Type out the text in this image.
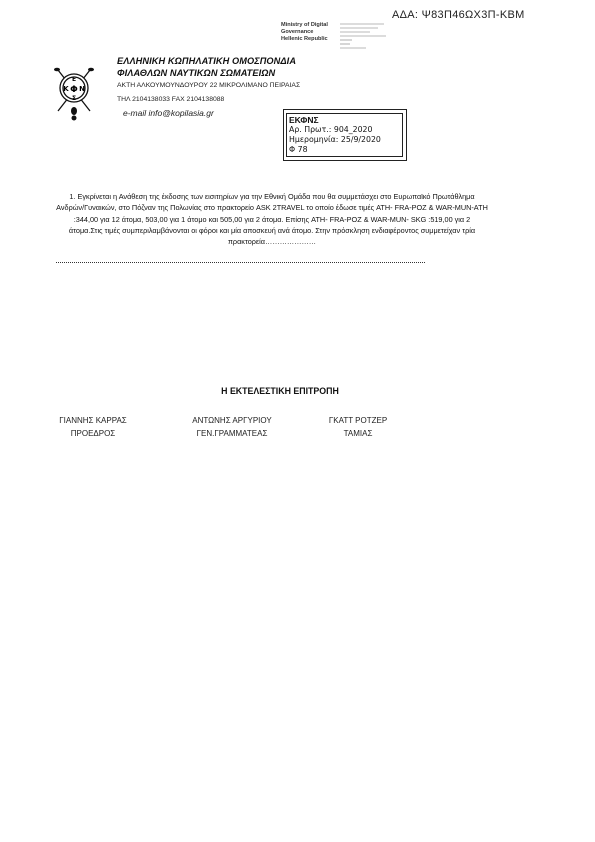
ΑΔΑ: Ψ83Π46ΩΧ3Π-ΚΒΜ
Ministry of Digital
Governance
Hellenic Republic
Ε
Κ Φ Ν
Σ
ΕΛΛΗΝΙΚΗ ΚΩΠΗΛΑΤΙΚΗ ΟΜΟΣΠΟΝΔΙΑ
ΦΙΛΑΘΛΩΝ ΝΑΥΤΙΚΩΝ ΣΩΜΑΤΕΙΩΝ
ΑΚΤΗ ΑΛΚΟΥΜΟΥΝΔΟΥΡΟΥ 22 ΜΙΚΡΟΛΙΜΑΝΟ ΠΕΙΡΑΙΑΣ
ΤΗΛ 2104138033 FAX 2104138088
e-mail info@kopilasia.gr
ΕΚΦΝΣ
Αρ. Πρωτ.: 904_2020
Ημερομηνία: 25/9/2020
Φ 78
1. Εγκρίνεται η Ανάθεση της έκδοσης των εισιτηρίων για την Εθνική Ομάδα που θα συμμετάσχει στο Ευρωπαϊκό Πρωτάθλημα Ανδρών/Γυναικών, στο Πόζναν της Πολωνίας στο πρακτορείο ASK 2TRAVEL το οποίο έδωσε τιμές ATH- FRA-POZ & WAR-MUN-ATH :344,00 για 12 άτομα, 503,00 για 1 άτομο και 505,00 για 2 άτομα. Επίσης ATH- FRA-POZ & WAR-MUN- SKG :519,00 για 2 άτομα.Στις τιμές συμπεριλαμβάνονται οι φόροι και μία αποσκευή ανά άτομο. Στην πρόσκληση ενδιαφέροντος συμμετείχαν τρία πρακτορεία…………………
Η ΕΚΤΕΛΕΣΤΙΚΗ ΕΠΙΤΡΟΠΗ
ΓΙΑΝΝΗΣ ΚΑΡΡΑΣ
ΠΡΟΕΔΡΟΣ
ΑΝΤΩΝΗΣ ΑΡΓΥΡΙΟΥ
ΓΕΝ.ΓΡΑΜΜΑΤΕΑΣ
ΓΚΑΤΤ ΡΟΤΖΕΡ
ΤΑΜΙΑΣ
